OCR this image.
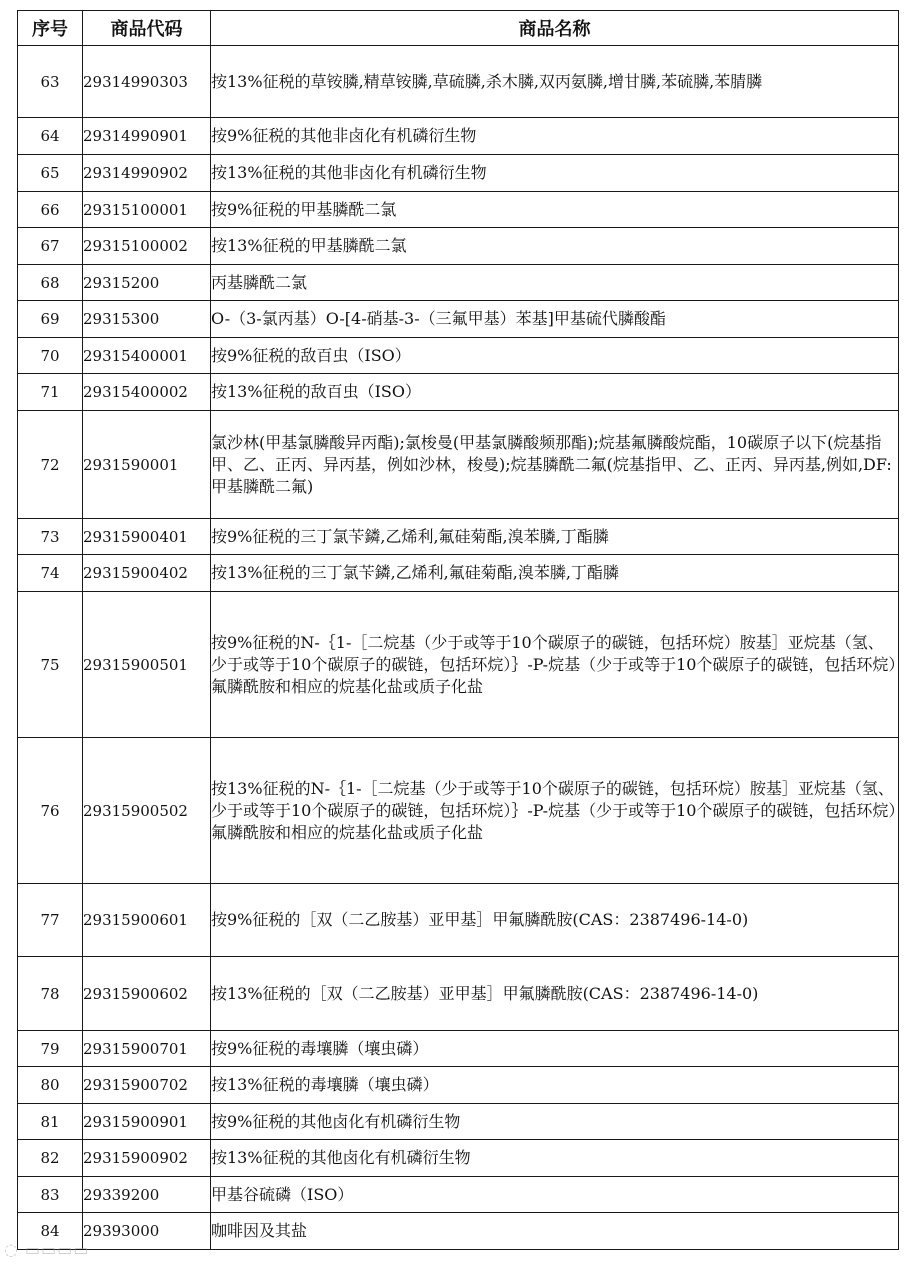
序号	商品代码	商品名称
63	29314990303	按13%征税的草铵膦,精草铵膦,草硫膦,杀木膦,双丙氨膦,增甘膦,苯硫膦,苯腈膦
64	29314990901	按9%征税的其他非卤化有机磷衍生物
65	29314990902	按13%征税的其他非卤化有机磷衍生物
66	29315100001	按9%征税的甲基膦酰二氯
67	29315100002	按13%征税的甲基膦酰二氯
68	29315200	丙基膦酰二氯
69	29315300	O-（3-氯丙基）O-[4-硝基-3-（三氟甲基）苯基]甲基硫代膦酸酯
70	29315400001	按9%征税的敌百虫（ISO）
71	29315400002	按13%征税的敌百虫（ISO）
72	2931590001	氯沙林(甲基氯膦酸异丙酯);氯梭曼(甲基氯膦酸频那酯);烷基氟膦酸烷酯，10碳原子以下(烷基指甲、乙、正丙、异丙基，例如沙林，梭曼);烷基膦酰二氟(烷基指甲、乙、正丙、异丙基,例如,DF:甲基膦酰二氟)
73	29315900401	按9%征税的三丁氯苄鏻,乙烯利,氟硅菊酯,溴苯膦,丁酯膦
74	29315900402	按13%征税的三丁氯苄鏻,乙烯利,氟硅菊酯,溴苯膦,丁酯膦
75	29315900501	按9%征税的N-｛1-［二烷基（少于或等于10个碳原子的碳链，包括环烷）胺基］亚烷基（氢、少于或等于10个碳原子的碳链，包括环烷）｝-P-烷基（少于或等于10个碳原子的碳链，包括环烷）氟膦酰胺和相应的烷基化盐或质子化盐
76	29315900502	按13%征税的N-｛1-［二烷基（少于或等于10个碳原子的碳链，包括环烷）胺基］亚烷基（氢、少于或等于10个碳原子的碳链，包括环烷）｝-P-烷基（少于或等于10个碳原子的碳链，包括环烷）氟膦酰胺和相应的烷基化盐或质子化盐
77	29315900601	按9%征税的［双（二乙胺基）亚甲基］甲氟膦酰胺(CAS：2387496-14-0)
78	29315900602	按13%征税的［双（二乙胺基）亚甲基］甲氟膦酰胺(CAS：2387496-14-0)
79	29315900701	按9%征税的毒壤膦（壤虫磷）
80	29315900702	按13%征税的毒壤膦（壤虫磷）
81	29315900901	按9%征税的其他卤化有机磷衍生物
82	29315900902	按13%征税的其他卤化有机磷衍生物
83	29339200	甲基谷硫磷（ISO）
84	29393000	咖啡因及其盐
◌ ▭▭▭▭
